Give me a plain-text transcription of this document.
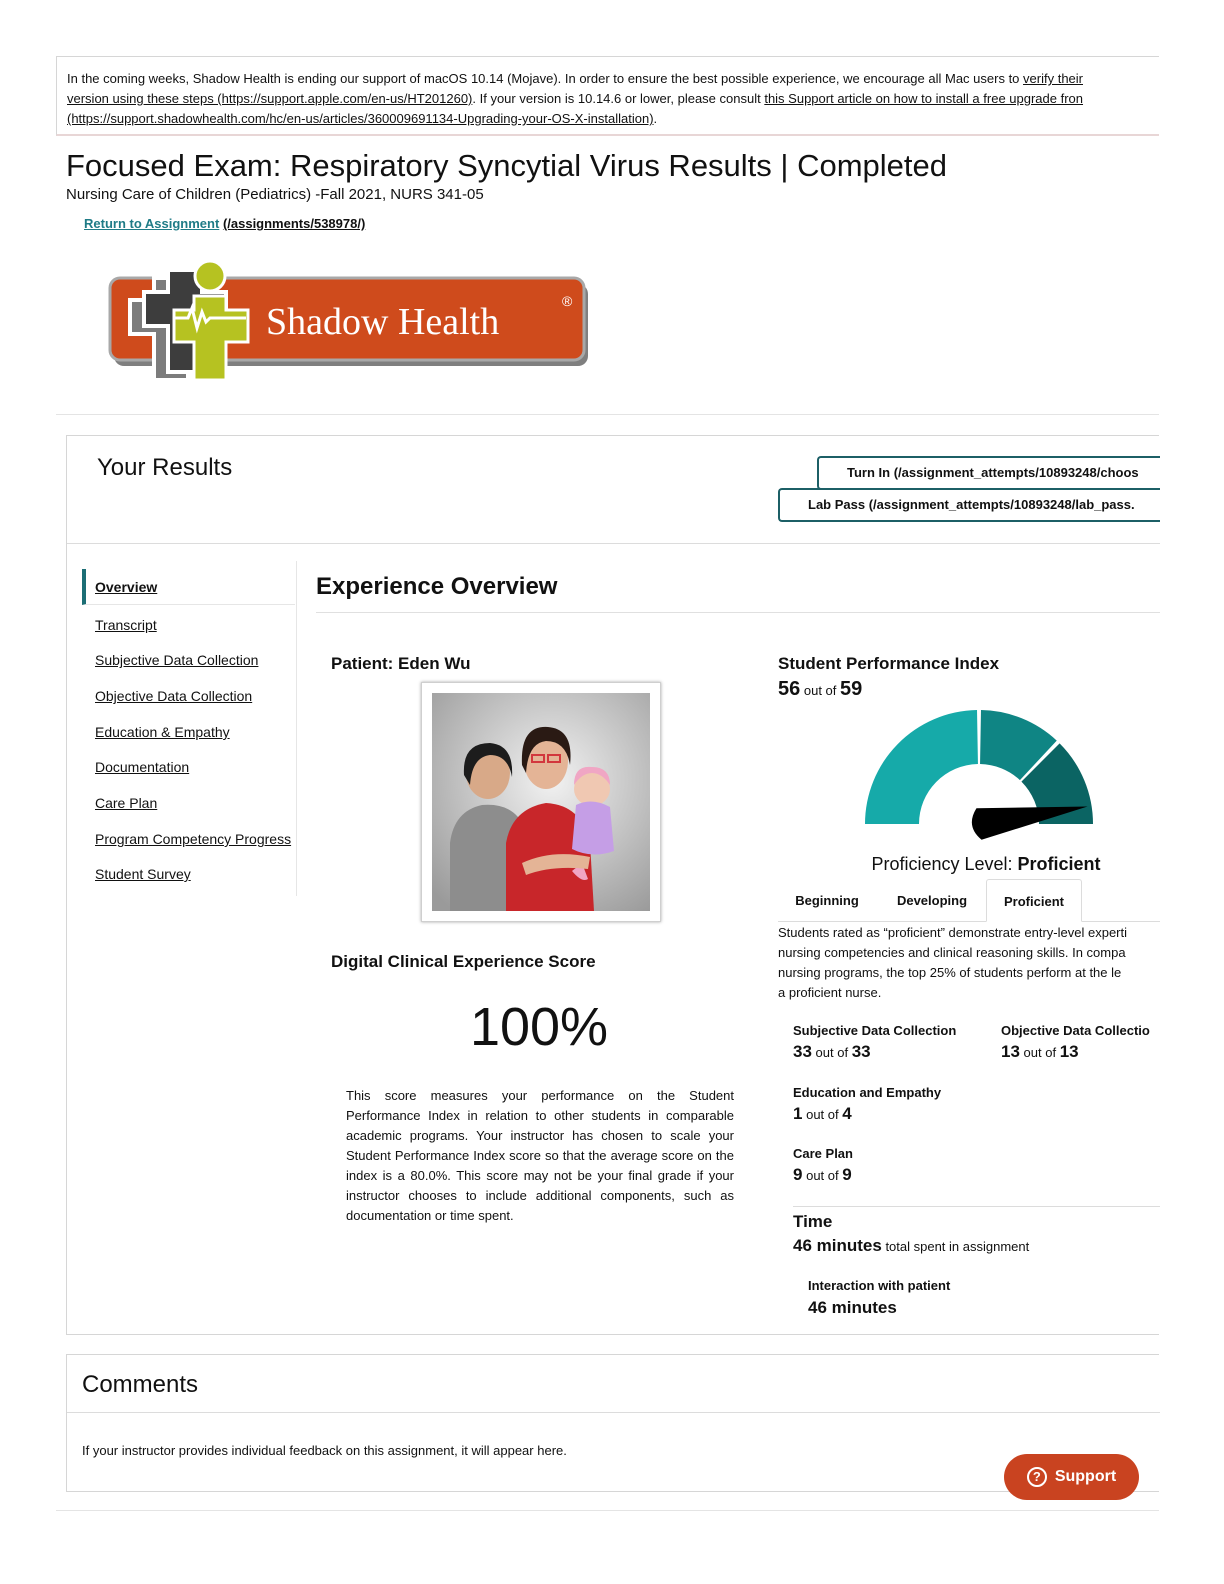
In the coming weeks, Shadow Health is ending our support of macOS 10.14 (Mojave). In order to ensure the best possible experience, we encourage all Mac users to verify their
version using these steps (https://support.apple.com/en-us/HT201260). If your version is 10.14.6 or lower, please consult this Support article on how to install a free upgrade fron
(https://support.shadowhealth.com/hc/en-us/articles/360009691134-Upgrading-your-OS-X-installation).
Focused Exam: Respiratory Syncytial Virus Results | Completed
Nursing Care of Children (Pediatrics) -Fall 2021, NURS 341-05
Return to Assignment (/assignments/538978/)
Shadow Health	®
Your Results	Turn In (/assignment_attempts/10893248/choos
Lab Pass (/assignment_attempts/10893248/lab_pass.
Overview
Transcript
Subjective Data Collection
Objective Data Collection
Education & Empathy
Documentation
Care Plan
Program Competency Progress
Student Survey
Experience Overview
Patient: Eden Wu
Digital Clinical Experience Score
100%
This score measures your performance on the Student Performance Index in relation to other students in comparable academic programs. Your instructor has chosen to scale your Student Performance Index score so that the average score on the index is a 80.0%. This score may not be your final grade if your instructor chooses to include additional components, such as documentation or time spent.
Student Performance Index
56 out of 59
Proficiency Level: Proficient
Beginning	Developing	Proficient
Students rated as “proficient” demonstrate entry-level experti
nursing competencies and clinical reasoning skills. In compa
nursing programs, the top 25% of students perform at the le
a proficient nurse.
Subjective Data Collection
33 out of 33
Objective Data Collectio
13 out of 13
Education and Empathy
1 out of 4
Care Plan
9 out of 9
Time
46 minutes total spent in assignment
Interaction with patient
46 minutes
Comments
If your instructor provides individual feedback on this assignment, it will appear here.
? Support
